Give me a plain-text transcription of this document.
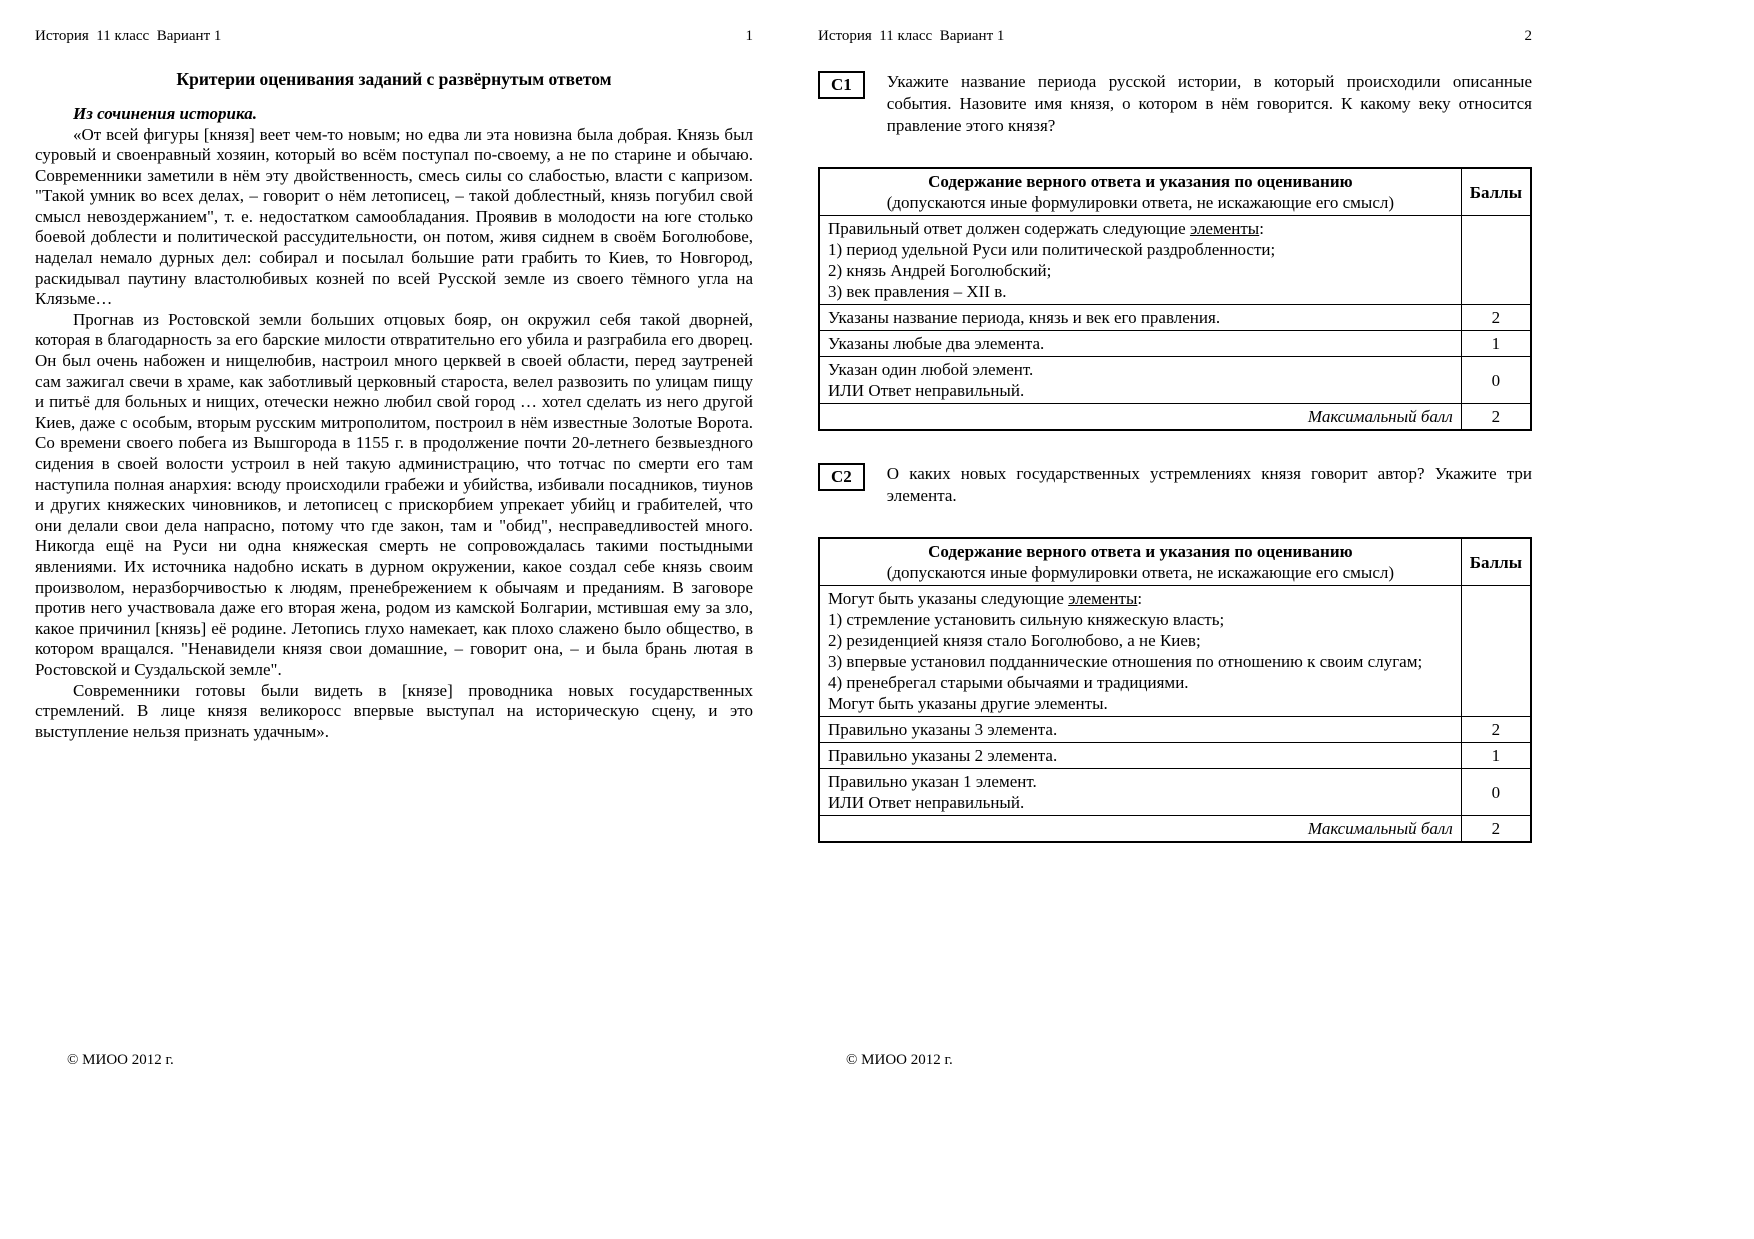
История  11 класс  Вариант 1	1
Критерии оценивания заданий с развёрнутым ответом

Из сочинения историка.

«От всей фигуры [князя] веет чем-то новым; но едва ли эта новизна была добрая. Князь был суровый и своенравный хозяин, который во всём поступал по-своему, а не по старине и обычаю. Современники заметили в нём эту двойственность, смесь силы со слабостью, власти с капризом. "Такой умник во всех делах, – говорит о нём летописец, – такой доблестный, князь погубил свой смысл невоздержанием", т. е. недостатком самообладания. Проявив в молодости на юге столько боевой доблести и политической рассудительности, он потом, живя сиднем в своём Боголюбове, наделал немало дурных дел: собирал и посылал большие рати грабить то Киев, то Новгород, раскидывал паутину властолюбивых козней по всей Русской земле из своего тёмного угла на Клязьме…

Прогнав из Ростовской земли больших отцовых бояр, он окружил себя такой дворней, которая в благодарность за его барские милости отвратительно его убила и разграбила его дворец. Он был очень набожен и нищелюбив, настроил много церквей в своей области, перед заутреней сам зажигал свечи в храме, как заботливый церковный староста, велел развозить по улицам пищу и питьё для больных и нищих, отечески нежно любил свой город … хотел сделать из него другой Киев, даже с особым, вторым русским митрополитом, построил в нём известные Золотые Ворота. Со времени своего побега из Вышгорода в 1155 г. в продолжение почти 20-летнего безвыездного сидения в своей волости устроил в ней такую администрацию, что тотчас по смерти его там наступила полная анархия: всюду происходили грабежи и убийства, избивали посадников, тиунов и других княжеских чиновников, и летописец с прискорбием упрекает убийц и грабителей, что они делали свои дела напрасно, потому что где закон, там и "обид", несправедливостей много. Никогда ещё на Руси ни одна княжеская смерть не сопровождалась такими постыдными явлениями. Их источника надобно искать в дурном окружении, какое создал себе князь своим произволом, неразборчивостью к людям, пренебрежением к обычаям и преданиям. В заговоре против него участвовала даже его вторая жена, родом из камской Болгарии, мстившая ему за зло, какое причинил [князь] её родине. Летопись глухо намекает, как плохо слажено было общество, в котором вращался. "Ненавидели князя свои домашние, – говорит она, – и была брань лютая в Ростовской и Суздальской земле".

Современники готовы были видеть в [князе] проводника новых государственных стремлений. В лице князя великоросс впервые выступал на историческую сцену, и это выступление нельзя признать удачным».

© МИОО 2012 г.
История  11 класс  Вариант 1	2
С1	Укажите название периода русской истории, в который происходили описанные события. Назовите имя князя, о котором в нём говорится. К какому веку относится правление этого князя?
Содержание верного ответа и указания по оцениванию
(допускаются иные формулировки ответа, не искажающие его смысл)	Баллы

Правильный ответ должен содержать следующие элементы:
1) период удельной Руси или политической раздробленности;
2) князь Андрей Боголюбский;
3) век правления – XII в.	

Указаны название периода, князь и век его правления.	2
Указаны любые два элемента.	1

Указан один любой элемент.
ИЛИ Ответ неправильный.	0
Максимальный балл	2
С2	О каких новых государственных устремлениях князя говорит автор? Укажите три элемента.
Содержание верного ответа и указания по оцениванию
(допускаются иные формулировки ответа, не искажающие его смысл)	Баллы

Могут быть указаны следующие элементы:
1) стремление установить сильную княжескую власть;
2) резиденцией князя стало Боголюбово, а не Киев;
3) впервые установил подданнические отношения по отношению к своим слугам;
4) пренебрегал старыми обычаями и традициями.
Могут быть указаны другие элементы.

Правильно указаны 3 элемента.	2
Правильно указаны 2 элемента.	1

Правильно указан 1 элемент.
ИЛИ Ответ неправильный.	0
Максимальный балл	2
© МИОО 2012 г.
